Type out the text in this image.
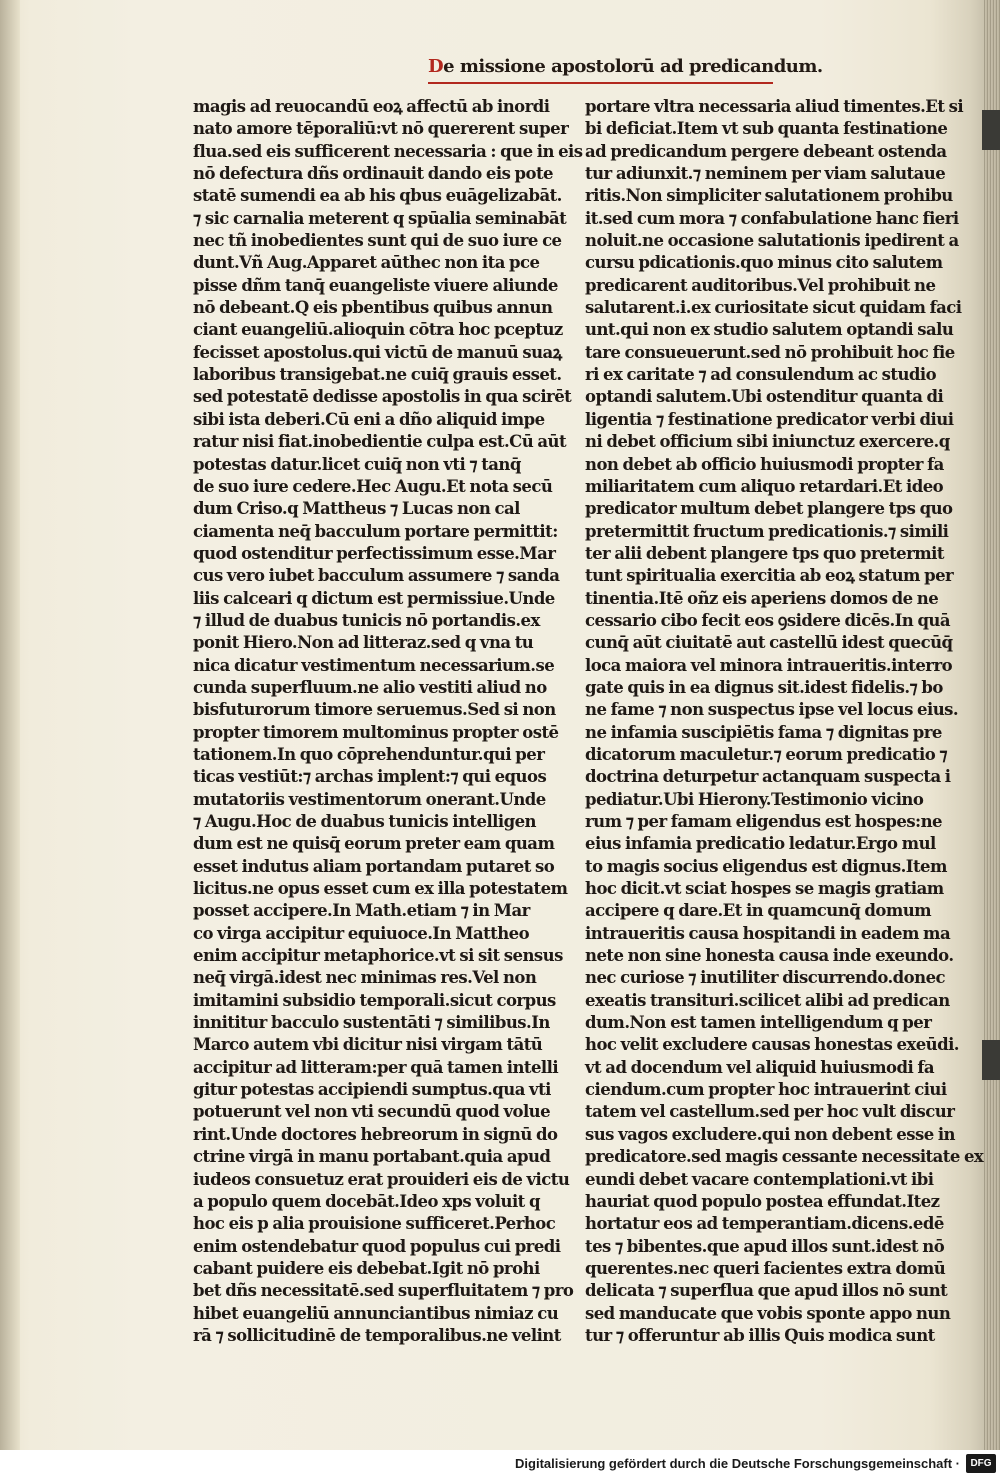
De missione apostolorū ad predicandum.
magis ad reuocandū eoꝝ affectū ab inordi
nato amore tēporaliū:vt nō quererent super
flua.sed eis sufficerent necessaria : que in eis
nō defectura dñs ordinauit dando eis pote
statē sumendi ea ab his qbus euāgelizabāt.
⁊ sic carnalia meterent q spūalia seminabāt
nec tñ inobedientes sunt qui de suo iure ce
dunt.Vñ Aug.Apparet aūthec non ita pce
pisse dñm tanq̄ euangeliste viuere aliunde
nō debeant.Q eis pbentibus quibus annun
ciant euangeliū.alioquin cōtra hoc pceptuz
fecisset apostolus.qui victū de manuū suaꝝ
laboribus transigebat.ne cuiq̄ grauis esset.
sed potestatē dedisse apostolis in qua scirēt
sibi ista deberi.Cū eni a dño aliquid impe
ratur nisi fiat.inobedientie culpa est.Cū aūt
potestas datur.licet cuiq̄ non vti ⁊ tanq̄
de suo iure cedere.Hec Augu.Et nota secū
dum Criso.q Mattheus ⁊ Lucas non cal
ciamenta neq̄ bacculum portare permittit:
quod ostenditur perfectissimum esse.Mar
cus vero iubet bacculum assumere ⁊ sanda
liis calceari q dictum est permissiue.Unde
⁊ illud de duabus tunicis nō portandis.ex
ponit Hiero.Non ad litteraz.sed q vna tu
nica dicatur vestimentum necessarium.se
cunda superfluum.ne alio vestiti aliud no
bisfuturorum timore seruemus.Sed si non
propter timorem multominus propter ostē
tationem.In quo cōprehenduntur.qui per
ticas vestiūt:⁊ archas implent:⁊ qui equos
mutatoriis vestimentorum onerant.Unde
⁊ Augu.Hoc de duabus tunicis intelligen
dum est ne quisq̄ eorum preter eam quam
esset indutus aliam portandam putaret so
licitus.ne opus esset cum ex illa potestatem
posset accipere.In Math.etiam ⁊ in Mar
co virga accipitur equiuoce.In Mattheo
enim accipitur metaphorice.vt si sit sensus
neq̄ virgā.idest nec minimas res.Vel non
imitamini subsidio temporali.sicut corpus
innititur bacculo sustentāti ⁊ similibus.In
Marco autem vbi dicitur nisi virgam tātū
accipitur ad litteram:per quā tamen intelli
gitur potestas accipiendi sumptus.qua vti
potuerunt vel non vti secundū quod volue
rint.Unde doctores hebreorum in signū do
ctrine virgā in manu portabant.quia apud
iudeos consuetuz erat prouideri eis de victu
a populo quem docebāt.Ideo xps voluit q
hoc eis p alia prouisione sufficeret.Perhoc
enim ostendebatur quod populus cui predi
cabant puidere eis debebat.Igit nō prohi
bet dñs necessitatē.sed superfluitatem ⁊ pro
hibet euangeliū annunciantibus nimiaz cu
rā ⁊ sollicitudinē de temporalibus.ne velint
portare vltra necessaria aliud timentes.Et si
bi deficiat.Item vt sub quanta festinatione
ad predicandum pergere debeant ostenda
tur adiunxit.⁊ neminem per viam salutaue
ritis.Non simpliciter salutationem prohibu
it.sed cum mora ⁊ confabulatione hanc fieri
noluit.ne occasione salutationis ipedirent a
cursu pdicationis.quo minus cito salutem
predicarent auditoribus.Vel prohibuit ne
salutarent.i.ex curiositate sicut quidam faci
unt.qui non ex studio salutem optandi salu
tare consueuerunt.sed nō prohibuit hoc fie
ri ex caritate ⁊ ad consulendum ac studio
optandi salutem.Ubi ostenditur quanta di
ligentia ⁊ festinatione predicator verbi diui
ni debet officium sibi iniunctuz exercere.q
non debet ab officio huiusmodi propter fa
miliaritatem cum aliquo retardari.Et ideo
predicator multum debet plangere tps quo
pretermittit fructum predicationis.⁊ simili
ter alii debent plangere tps quo pretermit
tunt spiritualia exercitia ab eoꝝ statum per
tinentia.Itē oñz eis aperiens domos de ne
cessario cibo fecit eos ꝯsidere dicēs.In quā
cunq̄ aūt ciuitatē aut castellū idest quecūq̄
loca maiora vel minora intraueritis.interro
gate quis in ea dignus sit.idest fidelis.⁊ bo
ne fame ⁊ non suspectus ipse vel locus eius.
ne infamia suscipiētis fama ⁊ dignitas pre
dicatorum maculetur.⁊ eorum predicatio ⁊
doctrina deturpetur actanquam suspecta i
pediatur.Ubi Hierony.Testimonio vicino
rum ⁊ per famam eligendus est hospes:ne
eius infamia predicatio ledatur.Ergo mul
to magis socius eligendus est dignus.Item
hoc dicit.vt sciat hospes se magis gratiam
accipere q dare.Et in quamcunq̄ domum
intraueritis causa hospitandi in eadem ma
nete non sine honesta causa inde exeundo.
nec curiose ⁊ inutiliter discurrendo.donec
exeatis transituri.scilicet alibi ad predican
dum.Non est tamen intelligendum q per
hoc velit excludere causas honestas exeūdi.
vt ad docendum vel aliquid huiusmodi fa
ciendum.cum propter hoc intrauerint ciui
tatem vel castellum.sed per hoc vult discur
sus vagos excludere.qui non debent esse in
predicatore.sed magis cessante necessitate ex
eundi debet vacare contemplationi.vt ibi
hauriat quod populo postea effundat.Itez
hortatur eos ad temperantiam.dicens.edē
tes ⁊ bibentes.que apud illos sunt.idest nō
querentes.nec queri facientes extra domū
delicata ⁊ superflua que apud illos nō sunt
sed manducate que vobis sponte appo nun
tur ⁊ offeruntur ab illis Quis modica sunt
Digitalisierung gefördert durch die Deutsche Forschungsgemeinschaft ·	DFG
